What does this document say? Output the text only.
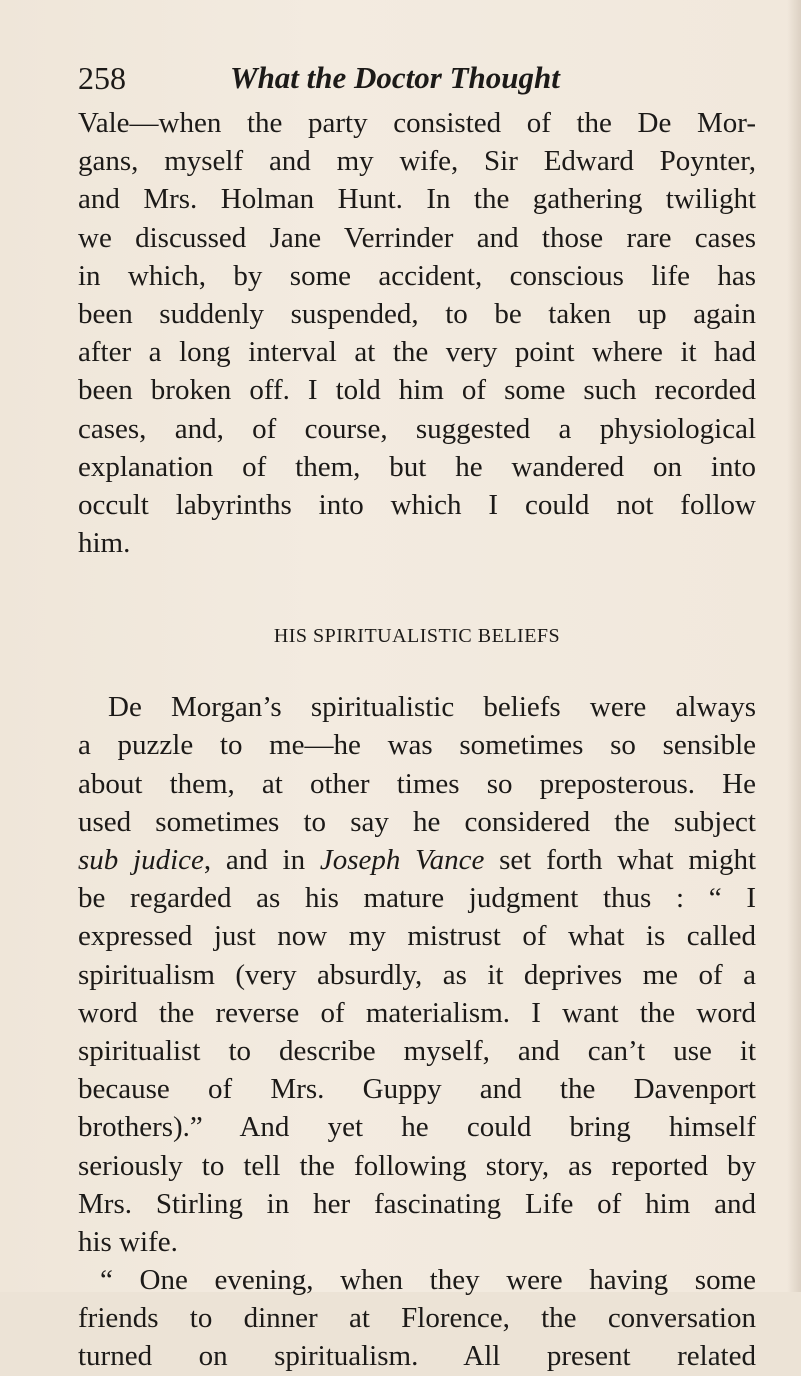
258	What the Doctor Thought
Vale—when the party consisted of the De Mor-
gans, myself and my wife, Sir Edward Poynter,
and Mrs. Holman Hunt. In the gathering twilight
we discussed Jane Verrinder and those rare cases
in which, by some accident, conscious life has
been suddenly suspended, to be taken up again
after a long interval at the very point where it had
been broken off. I told him of some such recorded
cases, and, of course, suggested a physiological
explanation of them, but he wandered on into
occult labyrinths into which I could not follow
him.
HIS SPIRITUALISTIC BELIEFS
De Morgan’s spiritualistic beliefs were always
a puzzle to me—he was sometimes so sensible
about them, at other times so preposterous. He
used sometimes to say he considered the subject
sub judice, and in Joseph Vance set forth what might
be regarded as his mature judgment thus : “ I
expressed just now my mistrust of what is called
spiritualism (very absurdly, as it deprives me of a
word the reverse of materialism. I want the word
spiritualist to describe myself, and can’t use it
because of Mrs. Guppy and the Davenport
brothers).” And yet he could bring himself
seriously to tell the following story, as reported by
Mrs. Stirling in her fascinating Life of him and
his wife.
“ One evening, when they were having some
friends to dinner at Florence, the conversation
turned on spiritualism. All present related
